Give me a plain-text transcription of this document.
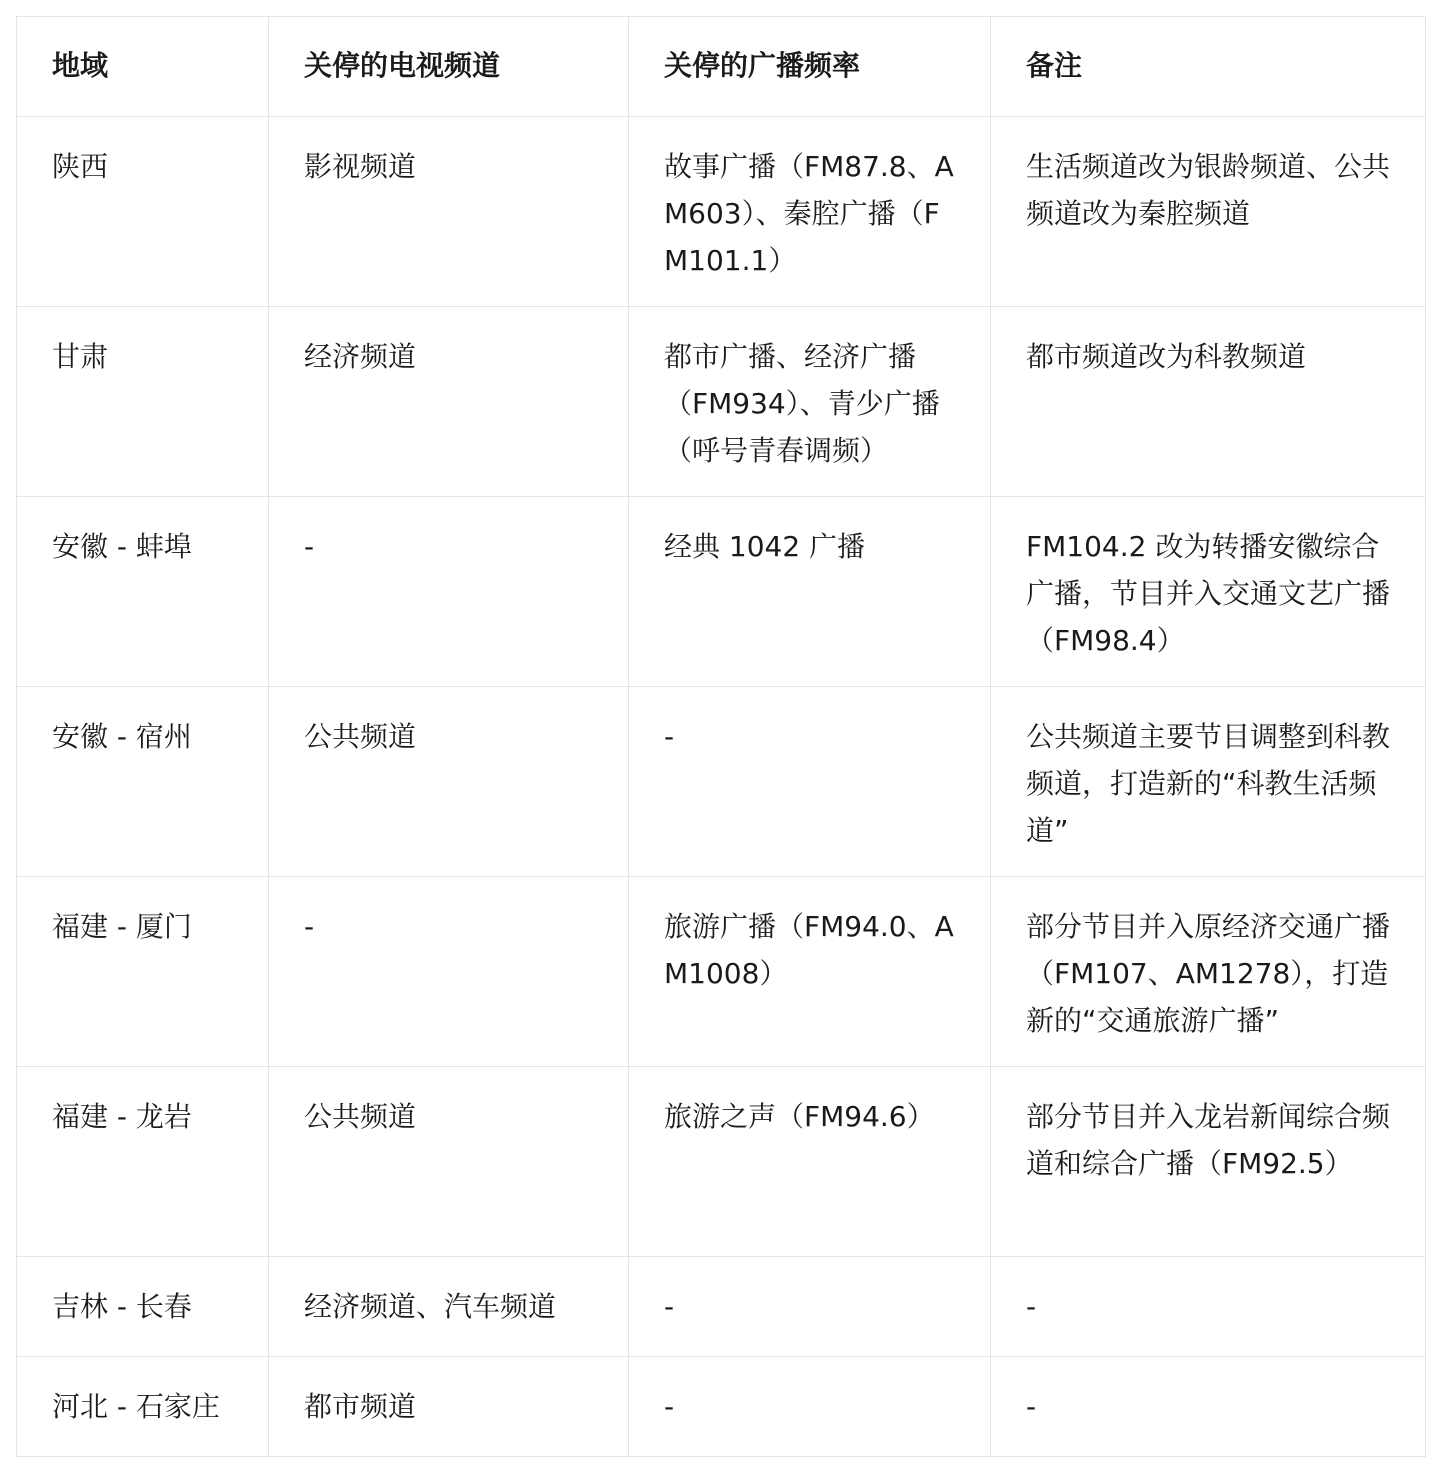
地域	关停的电视频道	关停的广播频率	备注
陕西	影视频道	故事广播（FM87.8、AM603）、秦腔广播（FM101.1）	生活频道改为银龄频道、公共频道改为秦腔频道
甘肃	经济频道	都市广播、经济广播（FM934）、青少广播（呼号青春调频）	都市频道改为科教频道
安徽 - 蚌埠	-	经典 1042 广播	FM104.2 改为转播安徽综合广播，节目并入交通文艺广播（FM98.4）
安徽 - 宿州	公共频道	-	公共频道主要节目调整到科教频道，打造新的“科教生活频道”
福建 - 厦门	-	旅游广播（FM94.0、AM1008）	部分节目并入原经济交通广播（FM107、AM1278），打造新的“交通旅游广播”
福建 - 龙岩	公共频道	旅游之声（FM94.6）	部分节目并入龙岩新闻综合频道和综合广播（FM92.5）
吉林 - 长春	经济频道、汽车频道	-	-
河北 - 石家庄	都市频道	-	-
